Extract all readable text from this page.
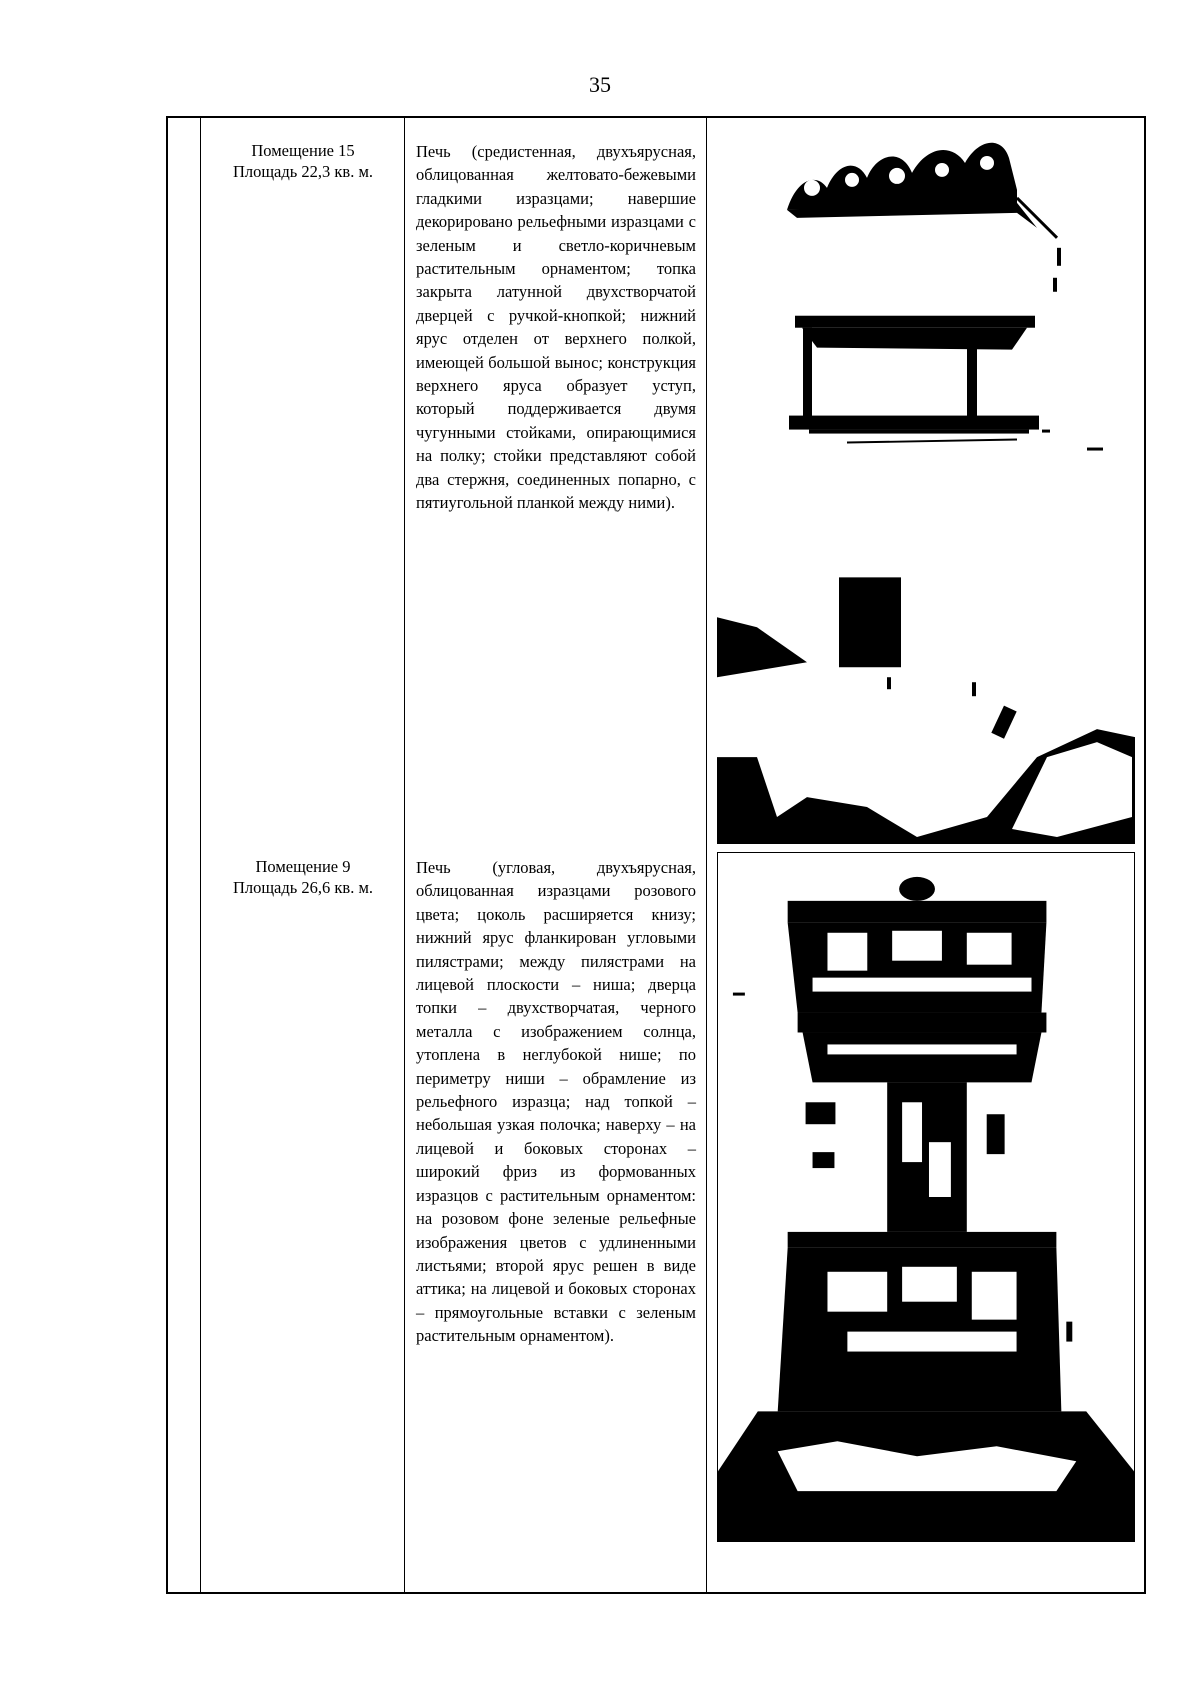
35
Помещение 15
Площадь 22,3 кв. м.
Печь (средистенная, двухъярусная, облицованная желтовато-бежевыми гладкими изразцами; навершие декорировано рельефными изразцами с зеленым и светло-коричневым растительным орнаментом; топка закрыта латунной двухстворчатой дверцей с ручкой-кнопкой; нижний ярус отделен от верхнего полкой, имеющей большой вынос; конструкция верхнего яруса образует уступ, который поддерживается двумя чугунными стойками, опирающимися на полку; стойки представляют собой два стержня, соединенных попарно, с пятиугольной планкой между ними).
Помещение 9
Площадь 26,6 кв. м.
Печь (угловая, двухъярусная, облицованная изразцами розового цвета; цоколь расширяется книзу; нижний ярус фланкирован угловыми пилястрами; между пилястрами на лицевой плоскости – ниша; дверца топки – двухстворчатая, черного металла с изображением солнца, утоплена в неглубокой нише; по периметру ниши – обрамление из рельефного изразца; над топкой – небольшая узкая полочка; наверху – на лицевой и боковых сторонах – широкий фриз из формованных изразцов с растительным орнаментом: на розовом фоне зеленые рельефные изображения цветов с удлиненными листьями; второй ярус решен в виде аттика; на лицевой и боковых сторонах – прямоугольные вставки с зеленым растительным орнаментом).
